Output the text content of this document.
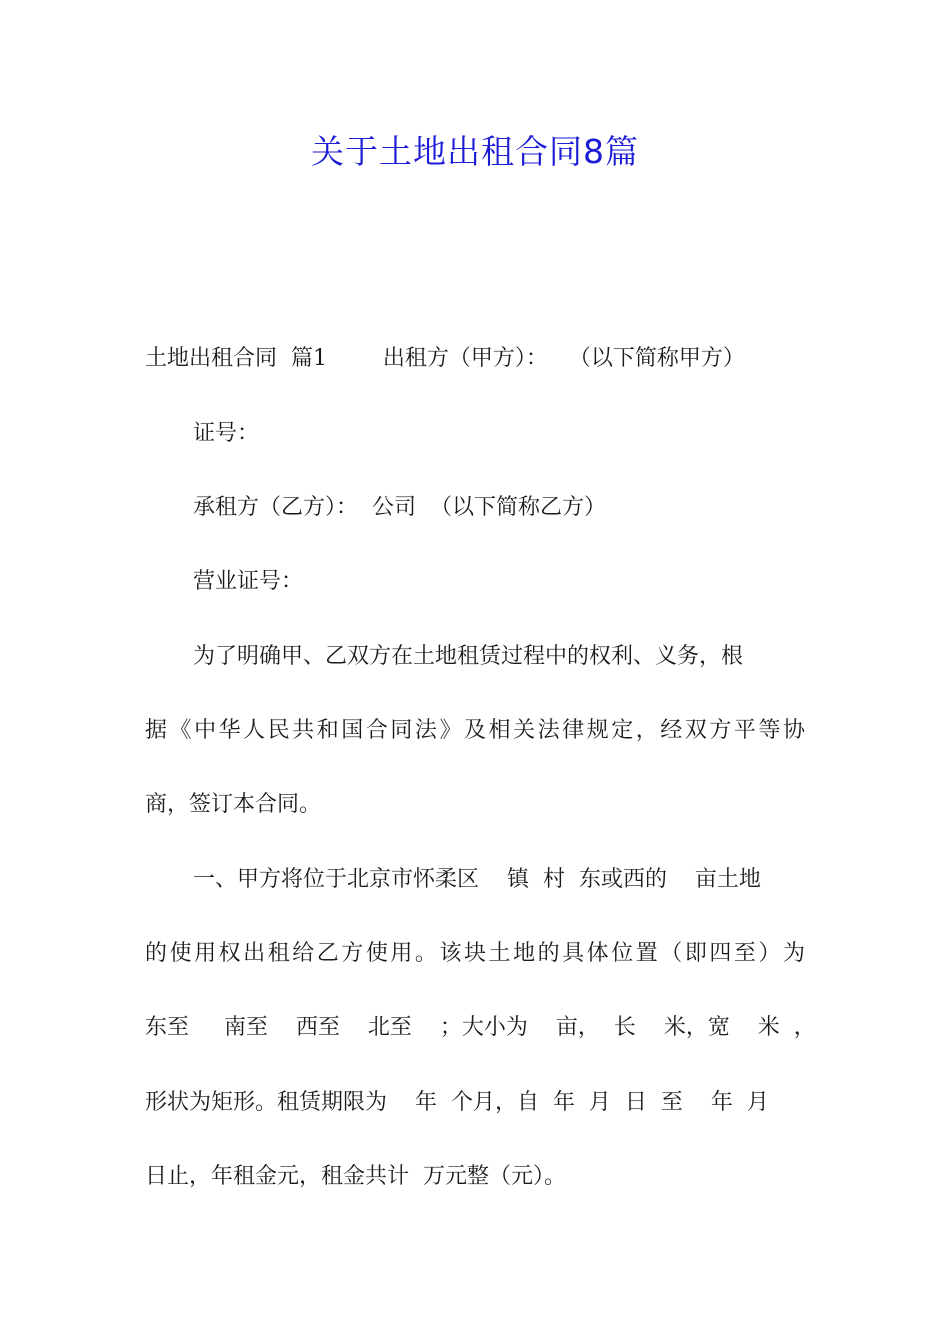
关于土地出租合同8篇

土地出租合同  篇1        出租方（甲方）：   （以下简称甲方）

证号：

承租方（乙方）：  公司  （以下简称乙方）

营业证号：

为了明确甲、乙双方在土地租赁过程中的权利、义务，根

据《中华人民共和国合同法》及相关法律规定，经双方平等协

商，签订本合同。

一、甲方将位于北京市怀柔区    镇  村  东或西的    亩土地

的使用权出租给乙方使用。该块土地的具体位置（即四至）为

东至     南至    西至    北至    ；大小为    亩，  长    米，宽    米  ，

形状为矩形。租赁期限为    年  个月，自  年  月  日  至    年  月

日止，年租金元，租金共计  万元整（元）。
